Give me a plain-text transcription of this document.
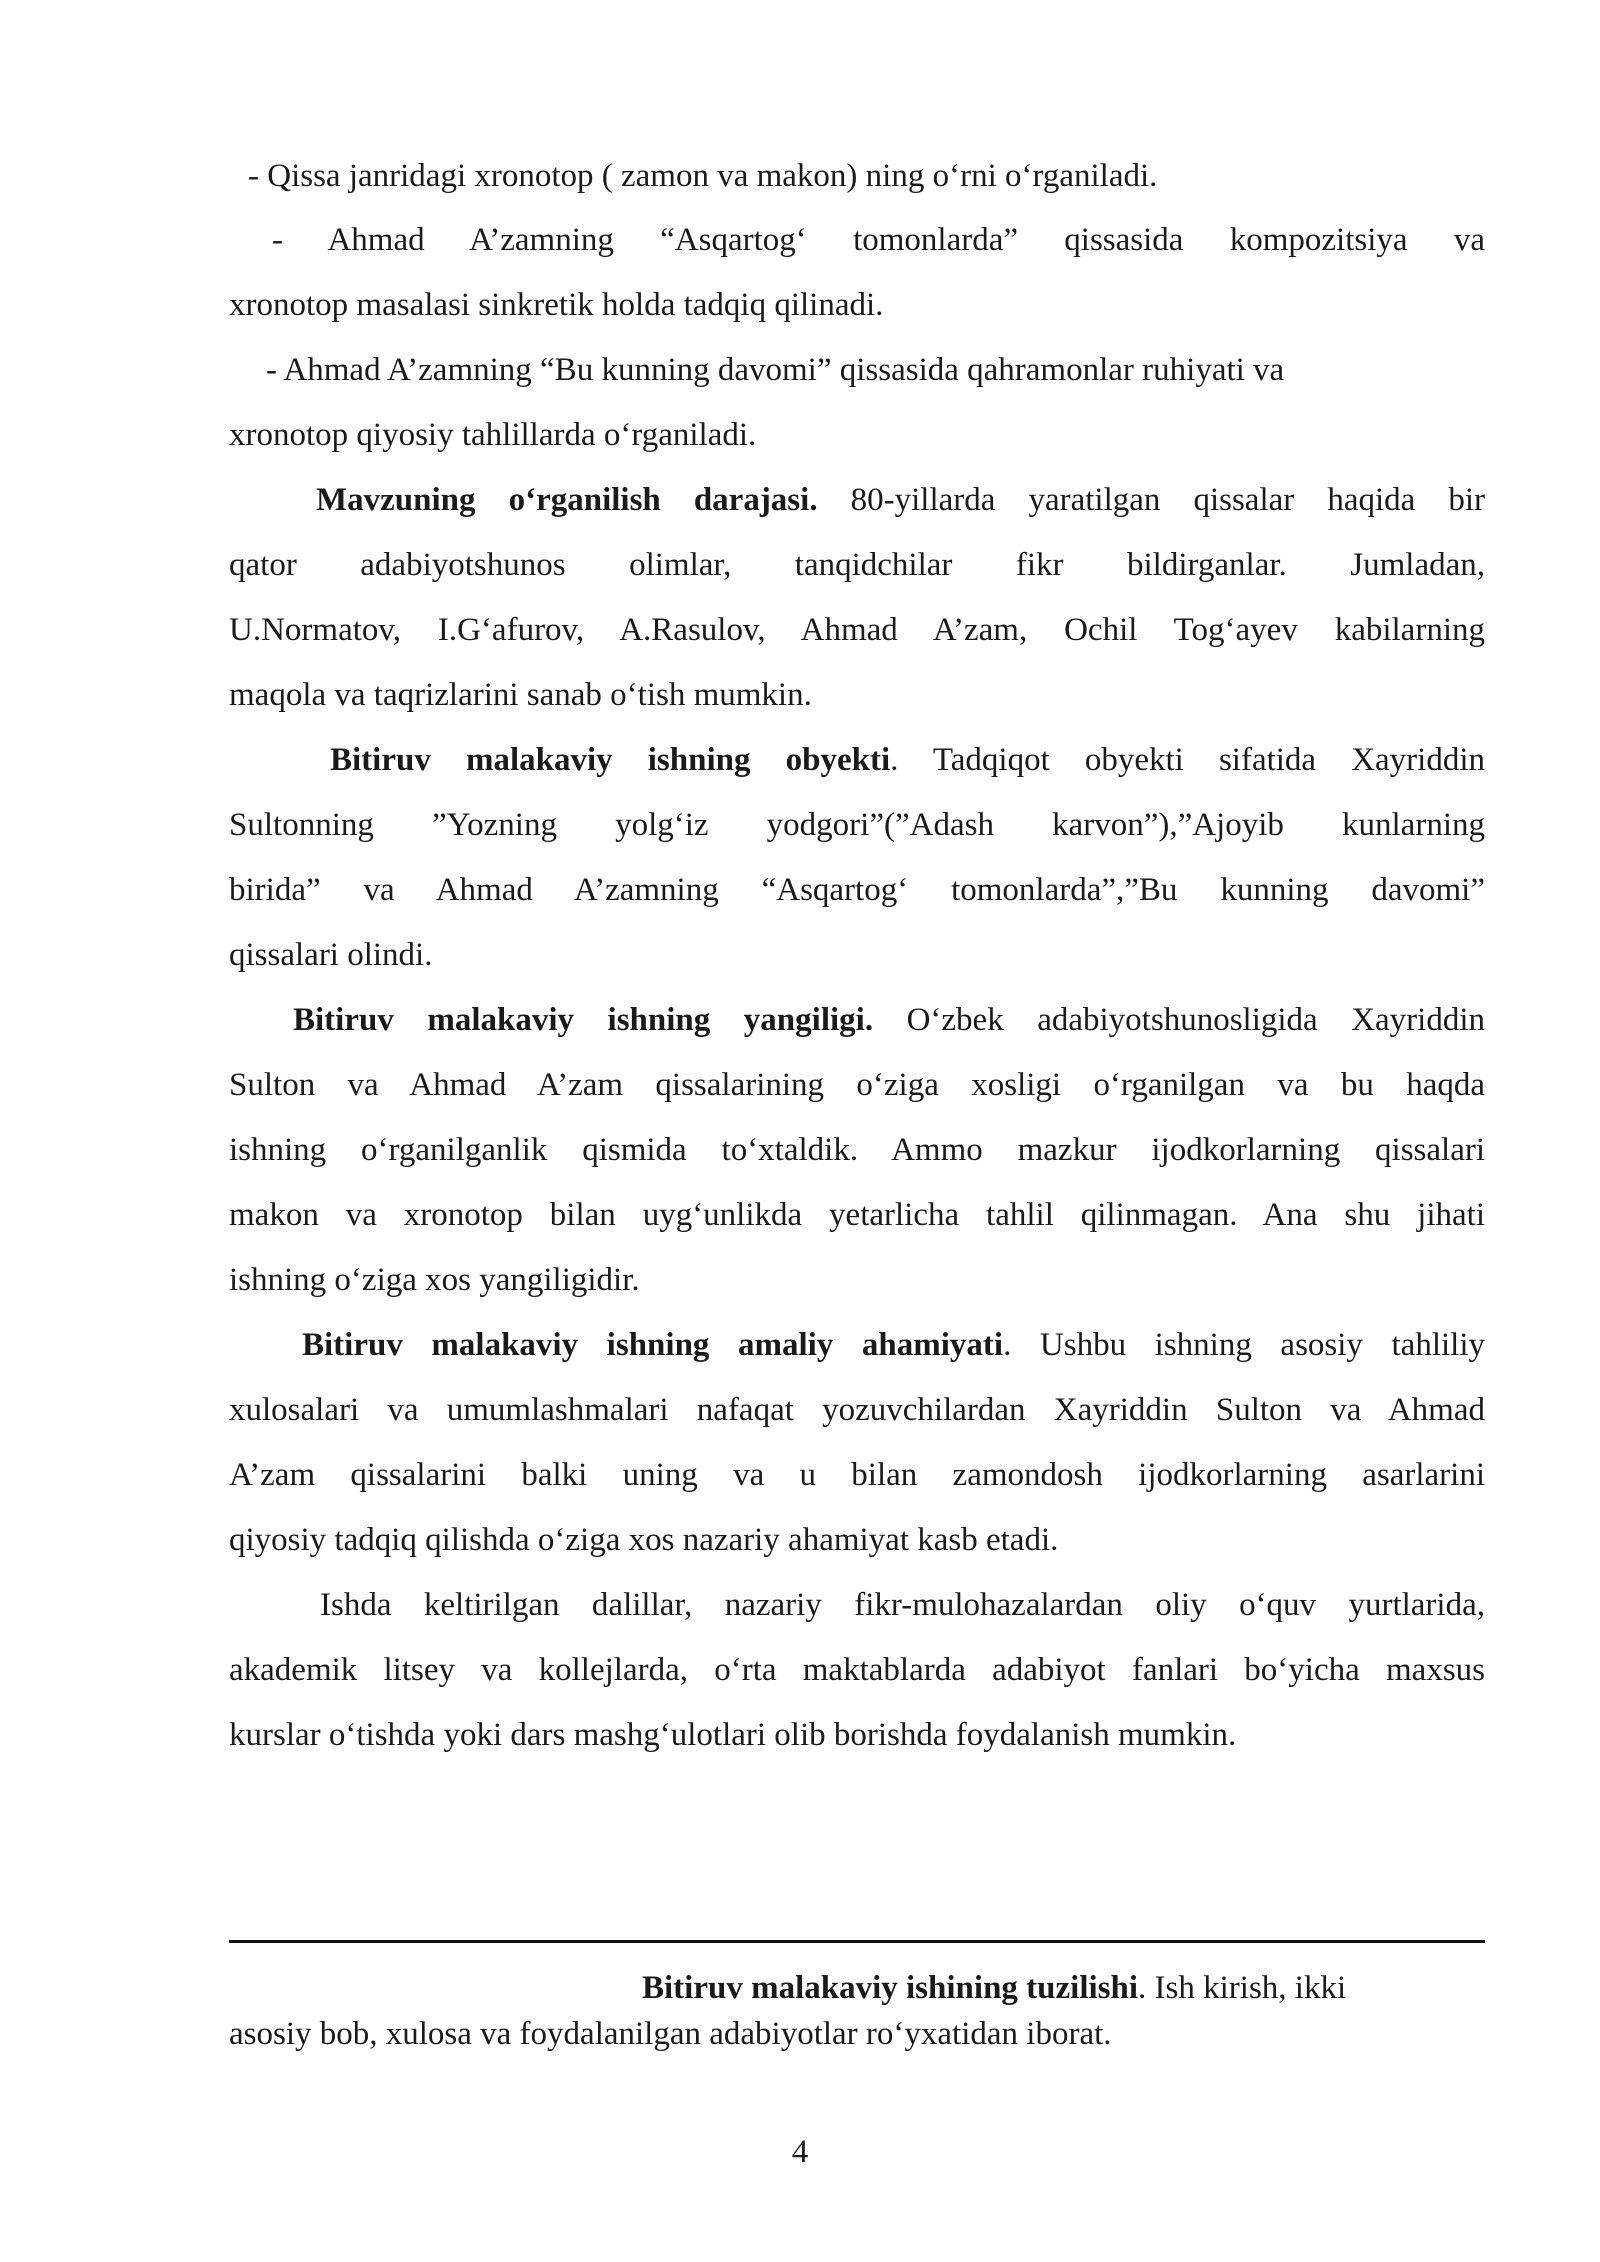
- Qissa janridagi xronotop ( zamon va makon) ning o‘rni o‘rganiladi.
- Ahmad A’zamning “Asqartog‘ tomonlarda” qissasida kompozitsiya va
xronotop masalasi sinkretik holda tadqiq qilinadi.
- Ahmad A’zamning “Bu kunning davomi” qissasida qahramonlar ruhiyati va
xronotop qiyosiy tahlillarda o‘rganiladi.
Mavzuning o‘rganilish darajasi. 80-yillarda yaratilgan qissalar haqida bir
qator adabiyotshunos olimlar, tanqidchilar fikr bildirganlar. Jumladan,
U.Normatov, I.G‘afurov, A.Rasulov, Ahmad A’zam, Ochil Tog‘ayev kabilarning
maqola va taqrizlarini sanab o‘tish mumkin.
Bitiruv malakaviy ishning obyekti. Tadqiqot obyekti sifatida Xayriddin
Sultonning ”Yozning yolg‘iz yodgori”(”Adash karvon”),”Ajoyib kunlarning
birida” va Ahmad A’zamning “Asqartog‘ tomonlarda”,”Bu kunning davomi”
qissalari olindi.
Bitiruv malakaviy ishning yangiligi. O‘zbek adabiyotshunosligida Xayriddin
Sulton va Ahmad A’zam qissalarining o‘ziga xosligi o‘rganilgan va bu haqda
ishning o‘rganilganlik qismida to‘xtaldik. Ammo mazkur ijodkorlarning qissalari
makon va xronotop bilan uyg‘unlikda yetarlicha tahlil qilinmagan. Ana shu jihati
ishning o‘ziga xos yangiligidir.
Bitiruv malakaviy ishning amaliy ahamiyati. Ushbu ishning asosiy tahliliy
xulosalari va umumlashmalari nafaqat yozuvchilardan Xayriddin Sulton va Ahmad
A’zam qissalarini balki uning va u bilan zamondosh ijodkorlarning asarlarini
qiyosiy tadqiq qilishda o‘ziga xos nazariy ahamiyat kasb etadi.
Ishda keltirilgan dalillar, nazariy fikr-mulohazalardan oliy o‘quv yurtlarida,
akademik litsey va kollejlarda, o‘rta maktablarda adabiyot fanlari bo‘yicha maxsus
kurslar o‘tishda yoki dars mashg‘ulotlari olib borishda foydalanish mumkin.
Bitiruv malakaviy ishining tuzilishi. Ish kirish, ikki
asosiy bob, xulosa va foydalanilgan adabiyotlar ro‘yxatidan iborat.
4
